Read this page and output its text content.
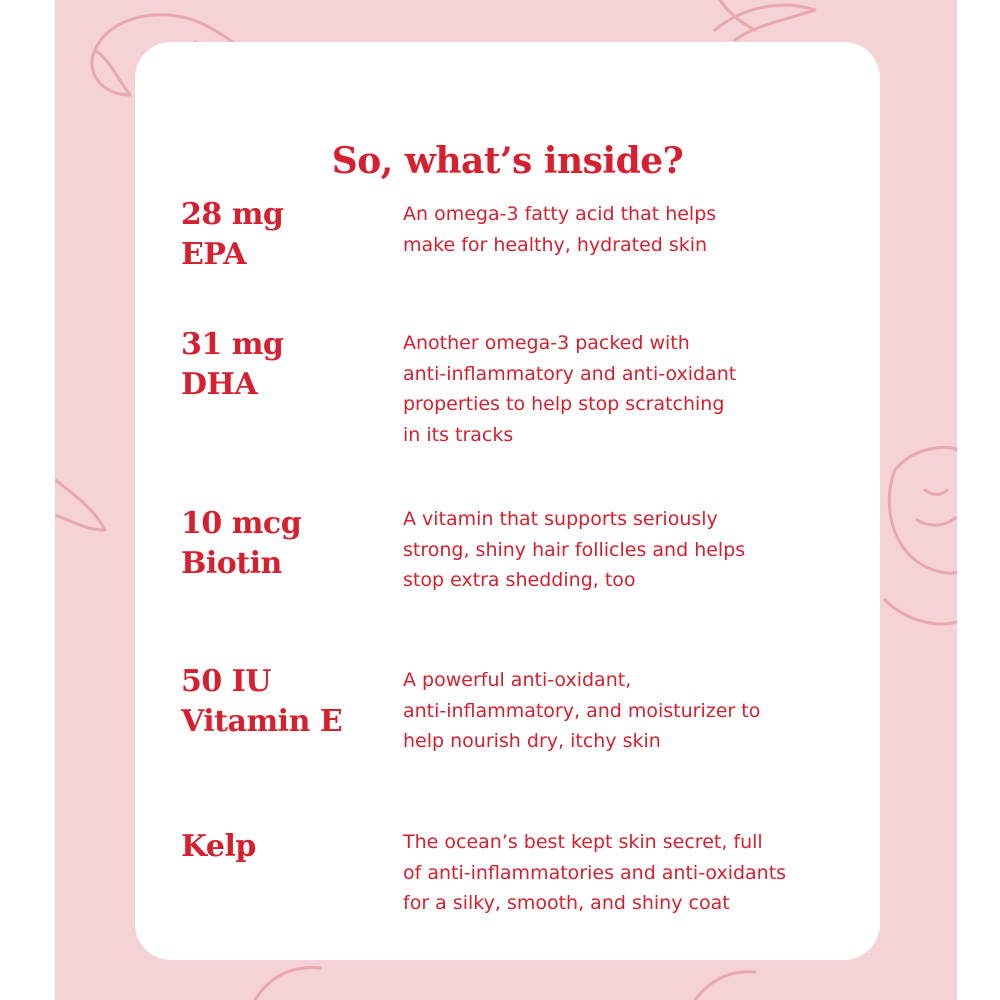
So, what’s inside?
28 mg
EPA
An omega-3 fatty acid that helps
make for healthy, hydrated skin
31 mg
DHA
Another omega-3 packed with
anti-inflammatory and anti-oxidant
properties to help stop scratching
in its tracks
10 mcg
Biotin
A vitamin that supports seriously
strong, shiny hair follicles and helps
stop extra shedding, too
50 IU
Vitamin E
A powerful anti-oxidant,
anti-inflammatory, and moisturizer to
help nourish dry, itchy skin
Kelp	The ocean’s best kept skin secret, full
of anti-inflammatories and anti-oxidants
for a silky, smooth, and shiny coat
